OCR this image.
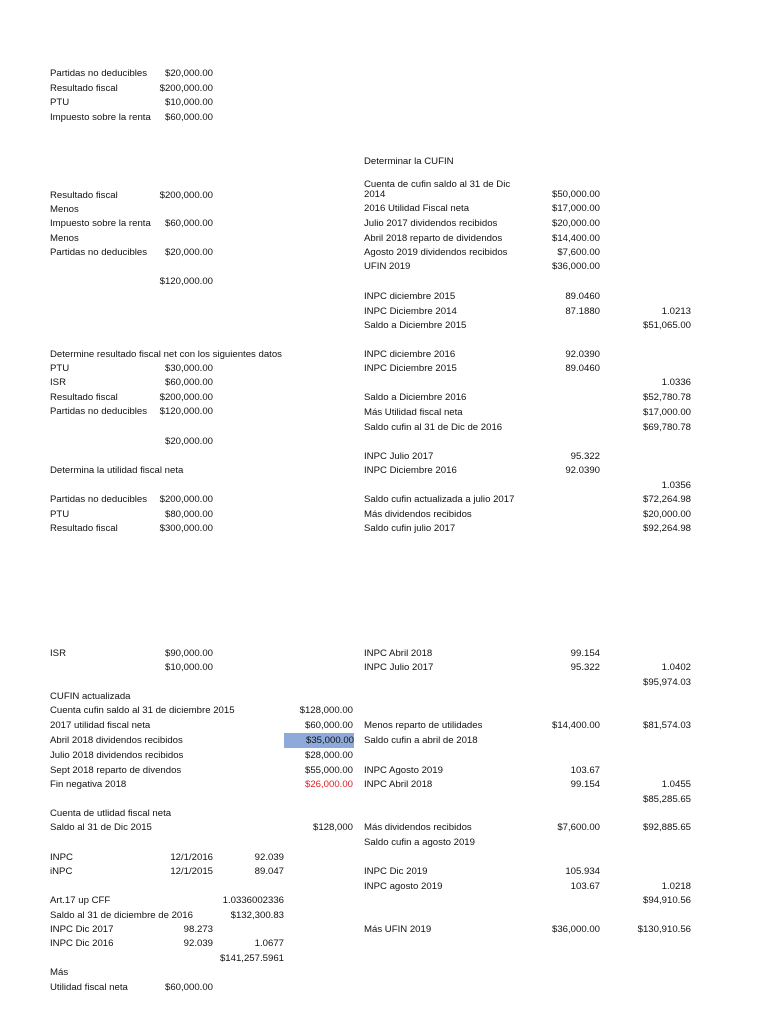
Partidas no deducibles	$20,000.00
Resultado fiscal	$200,000.00
PTU	$10,000.00
Impuesto sobre la renta	$60,000.00
Resultado fiscal	$200,000.00
Menos
Impuesto sobre la renta	$60,000.00
Menos
Partidas no deducibles	$20,000.00
$120,000.00
Determine resultado fiscal net con los siguientes datos
PTU	$30,000.00
ISR	$60,000.00
Resultado fiscal	$200,000.00
Partidas no deducibles	$120,000.00
$20,000.00
Determina la utilidad fiscal neta
Partidas no deducibles	$200,000.00
PTU	$80,000.00
Resultado fiscal	$300,000.00
ISR	$90,000.00
$10,000.00
CUFIN actualizada
Cuenta cufin saldo al 31 de diciembre 2015	$128,000.00
2017 utilidad fiscal neta	$60,000.00
Abril 2018 dividendos recibidos	$35,000.00
Julio 2018 dividendos recibidos	$28,000.00
Sept 2018 reparto de divendos	$55,000.00
Fin negativa 2018	$26,000.00
Cuenta de utlidad fiscal neta
Saldo al 31 de Dic 2015	$128,000
INPC	12/1/2016	92.039
iNPC	12/1/2015	89.047
Art.17 up CFF	1.0336002336
Saldo al 31 de diciembre de 2016	$132,300.83
INPC Dic 2017	98.273
INPC Dic 2016	92.039	1.0677
$141,257.5961
Más
Utilidad fiscal neta	$60,000.00
Determinar la CUFIN
Cuenta de cufin saldo al 31 de Dic
2014	$50,000.00
2016 Utilidad Fiscal neta	$17,000.00
Julio 2017 dividendos recibidos	$20,000.00
Abril 2018 reparto de dividendos	$14,400.00
Agosto 2019 dividendos recibidos	$7,600.00
UFIN 2019	$36,000.00
INPC diciembre 2015	89.0460
INPC Diciembre 2014	87.1880	1.0213
Saldo a Diciembre 2015	$51,065.00
INPC diciembre 2016	92.0390
INPC Diciembre 2015	89.0460
1.0336
Saldo a Diciembre 2016	$52,780.78
Más Utilidad fiscal neta	$17,000.00
Saldo cufin al 31 de Dic de 2016	$69,780.78
INPC Julio 2017	95.322
INPC Diciembre 2016	92.0390
1.0356
Saldo cufin actualizada a julio 2017	$72,264.98
Más dividendos recibidos	$20,000.00
Saldo cufin julio 2017	$92,264.98
INPC Abril 2018	99.154
INPC Julio 2017	95.322	1.0402
$95,974.03
Menos reparto de utilidades	$14,400.00	$81,574.03
Saldo cufin a abril de 2018
INPC Agosto 2019	103.67
INPC Abril 2018	99.154	1.0455
$85,285.65
Más dividendos recibidos	$7,600.00	$92,885.65
Saldo cufin a agosto 2019
INPC Dic 2019	105.934
INPC agosto 2019	103.67	1.0218
$94,910.56
Más UFIN 2019	$36,000.00	$130,910.56
